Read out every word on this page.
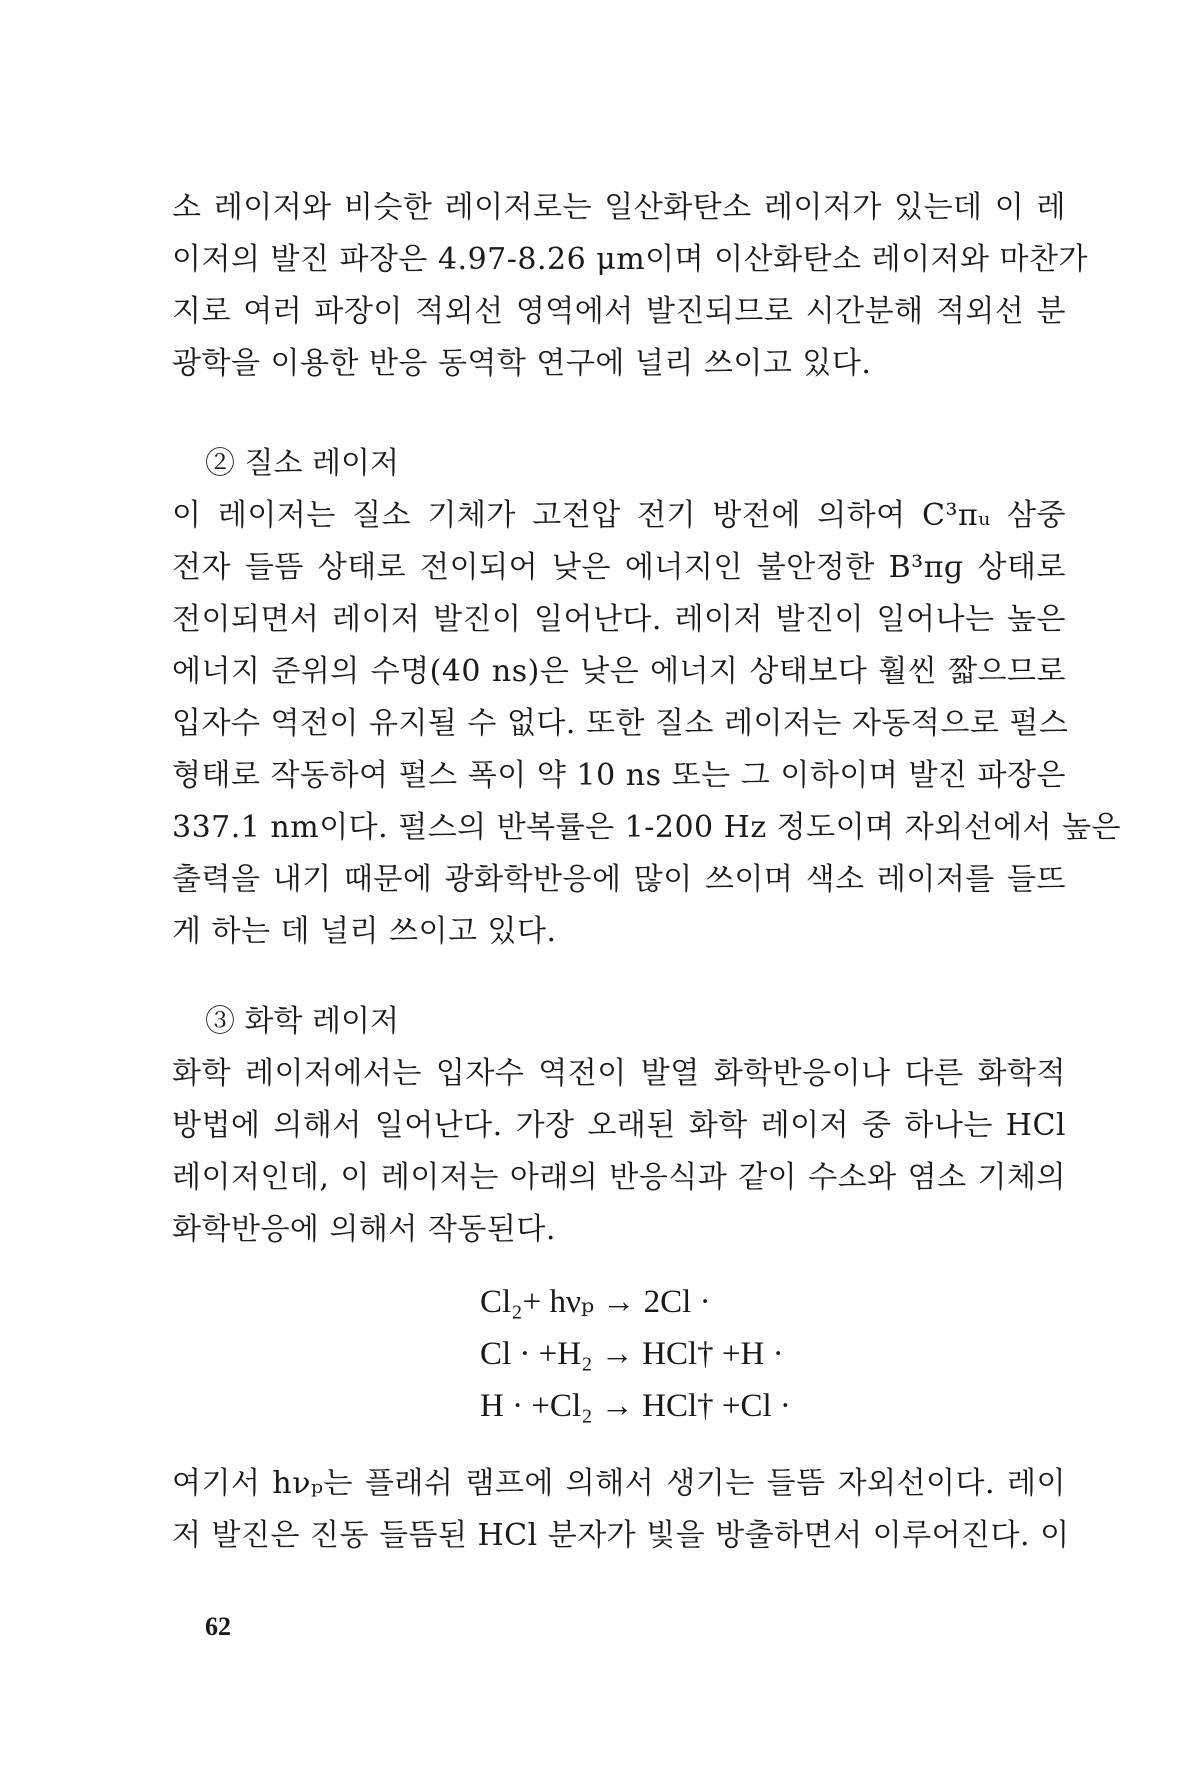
소 레이저와 비슷한 레이저로는 일산화탄소 레이저가 있는데 이 레
이저의 발진 파장은 4.97-8.26 μm이며 이산화탄소 레이저와 마찬가
지로 여러 파장이 적외선 영역에서 발진되므로 시간분해 적외선 분
광학을 이용한 반응 동역학 연구에 널리 쓰이고 있다.
② 질소 레이저
이 레이저는 질소 기체가 고전압 전기 방전에 의하여 C³πᵤ 삼중
전자 들뜸 상태로 전이되어 낮은 에너지인 불안정한 B³πɡ 상태로
전이되면서 레이저 발진이 일어난다. 레이저 발진이 일어나는 높은
에너지 준위의 수명(40 ns)은 낮은 에너지 상태보다 훨씬 짧으므로
입자수 역전이 유지될 수 없다. 또한 질소 레이저는 자동적으로 펄스
형태로 작동하여 펄스 폭이 약 10 ns 또는 그 이하이며 발진 파장은
337.1 nm이다. 펄스의 반복률은 1-200 Hz 정도이며 자외선에서 높은
출력을 내기 때문에 광화학반응에 많이 쓰이며 색소 레이저를 들뜨
게 하는 데 널리 쓰이고 있다.
③ 화학 레이저
화학 레이저에서는 입자수 역전이 발열 화학반응이나 다른 화학적
방법에 의해서 일어난다. 가장 오래된 화학 레이저 중 하나는 HCl
레이저인데, 이 레이저는 아래의 반응식과 같이 수소와 염소 기체의
화학반응에 의해서 작동된다.
Cl₂+ hνₚ → 2Cl ·
Cl · +H₂ → HCl† +H ·
H · +Cl₂ → HCl† +Cl ·
여기서 hνₚ는 플래쉬 램프에 의해서 생기는 들뜸 자외선이다. 레이
저 발진은 진동 들뜸된 HCl 분자가 빛을 방출하면서 이루어진다. 이
62
